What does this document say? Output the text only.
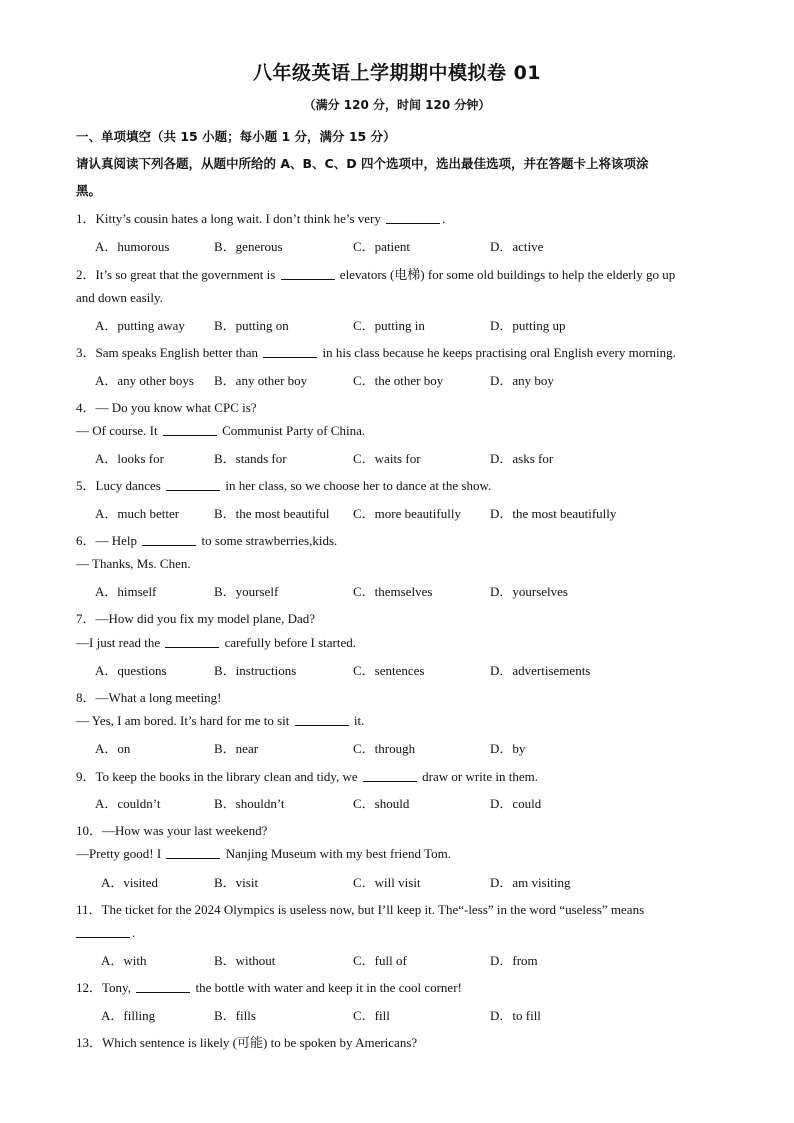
八年级英语上学期期中模拟卷 01
（满分 120 分，时间 120 分钟）
一、单项填空（共 15 小题；每小题 1 分，满分 15 分）
请认真阅读下列各题，从题中所给的 A、B、C、D 四个选项中，选出最佳选项，并在答题卡上将该项涂
黑。
1．Kitty’s cousin hates a long wait. I don’t think he’s very	.
A．humorous	B．generous	C．patient	D．active
2．It’s so great that the government is	elevators (电梯) for some old buildings to help the elderly go up
and down easily.
A．putting away B．putting on	C．putting in	D．putting up
3．Sam speaks English better than	in his class because he keeps practising oral English every morning.
A．any other boys B．any other boy	C．the other boy	D．any boy
4．— Do you know what CPC is?
— Of course. It	Communist Party of China.
A．looks for	B．stands for	C．waits for	D．asks for
5．Lucy dances	in her class, so we choose her to dance at the show.
A．much better	B．the most beautiful C．more beautifully D．the most beautifully
6．— Help	to some strawberries,kids.
— Thanks, Ms. Chen.
A．himself	B．yourself	C．themselves	D．yourselves
7．—How did you fix my model plane, Dad?
—I just read the	carefully before I started.
A．questions	B．instructions	C．sentences	D．advertisements
8．—What a long meeting!
— Yes, I am bored. It’s hard for me to sit	it.
A．on	B．near	C．through	D．by
9．To keep the books in the library clean and tidy, we	draw or write in them.
A．couldn’t	B．shouldn’t	C．should	D．could
10．—How was your last weekend?
—Pretty good! I	Nanjing Museum with my best friend Tom.
A．visited	B．visit	C．will visit	D．am visiting
11．The ticket for the 2024 Olympics is useless now, but I’ll keep it. The“-less” in the word “useless” means
.
A．with	B．without	C．full of	D．from
12．Tony,	the bottle with water and keep it in the cool corner!
A．filling	B．fills	C．fill	D．to fill
13．Which sentence is likely (可能) to be spoken by Americans?
